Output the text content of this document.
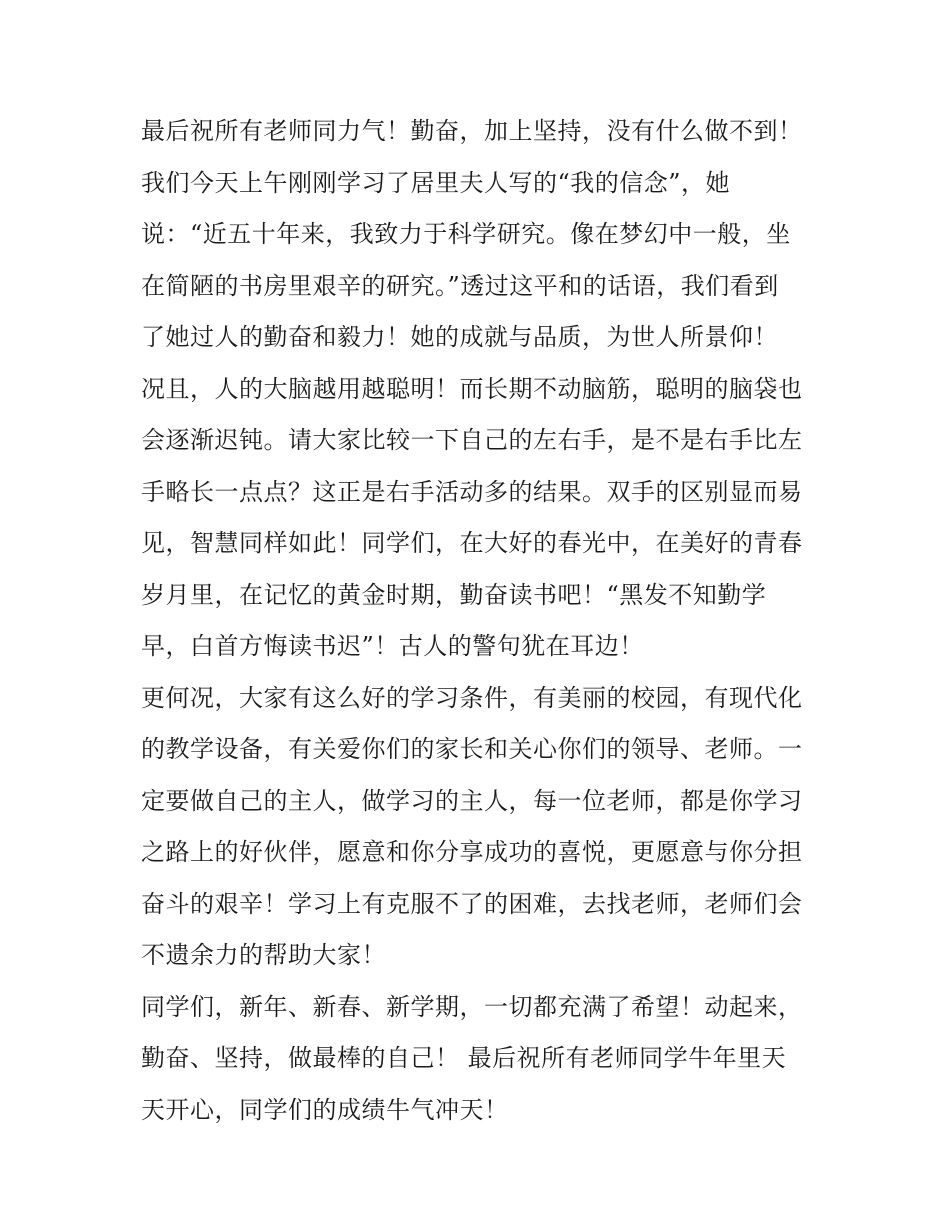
最后祝所有老师同力气！勤奋，加上坚持，没有什么做不到！
我们今天上午刚刚学习了居里夫人写的“我的信念”，她
说：“近五十年来，我致力于科学研究。像在梦幻中一般，坐
在简陋的书房里艰辛的研究。”透过这平和的话语，我们看到
了她过人的勤奋和毅力！她的成就与品质，为世人所景仰！
况且，人的大脑越用越聪明！而长期不动脑筋，聪明的脑袋也
会逐渐迟钝。请大家比较一下自己的左右手，是不是右手比左
手略长一点点？这正是右手活动多的结果。双手的区别显而易
见，智慧同样如此！同学们，在大好的春光中，在美好的青春
岁月里，在记忆的黄金时期，勤奋读书吧！“黑发不知勤学
早，白首方悔读书迟”！古人的警句犹在耳边！
更何况，大家有这么好的学习条件，有美丽的校园，有现代化
的教学设备，有关爱你们的家长和关心你们的领导、老师。一
定要做自己的主人，做学习的主人，每一位老师，都是你学习
之路上的好伙伴，愿意和你分享成功的喜悦，更愿意与你分担
奋斗的艰辛！学习上有克服不了的困难，去找老师，老师们会
不遗余力的帮助大家！
同学们，新年、新春、新学期，一切都充满了希望！动起来，
勤奋、坚持，做最棒的自己！ 最后祝所有老师同学牛年里天
天开心，同学们的成绩牛气冲天！
